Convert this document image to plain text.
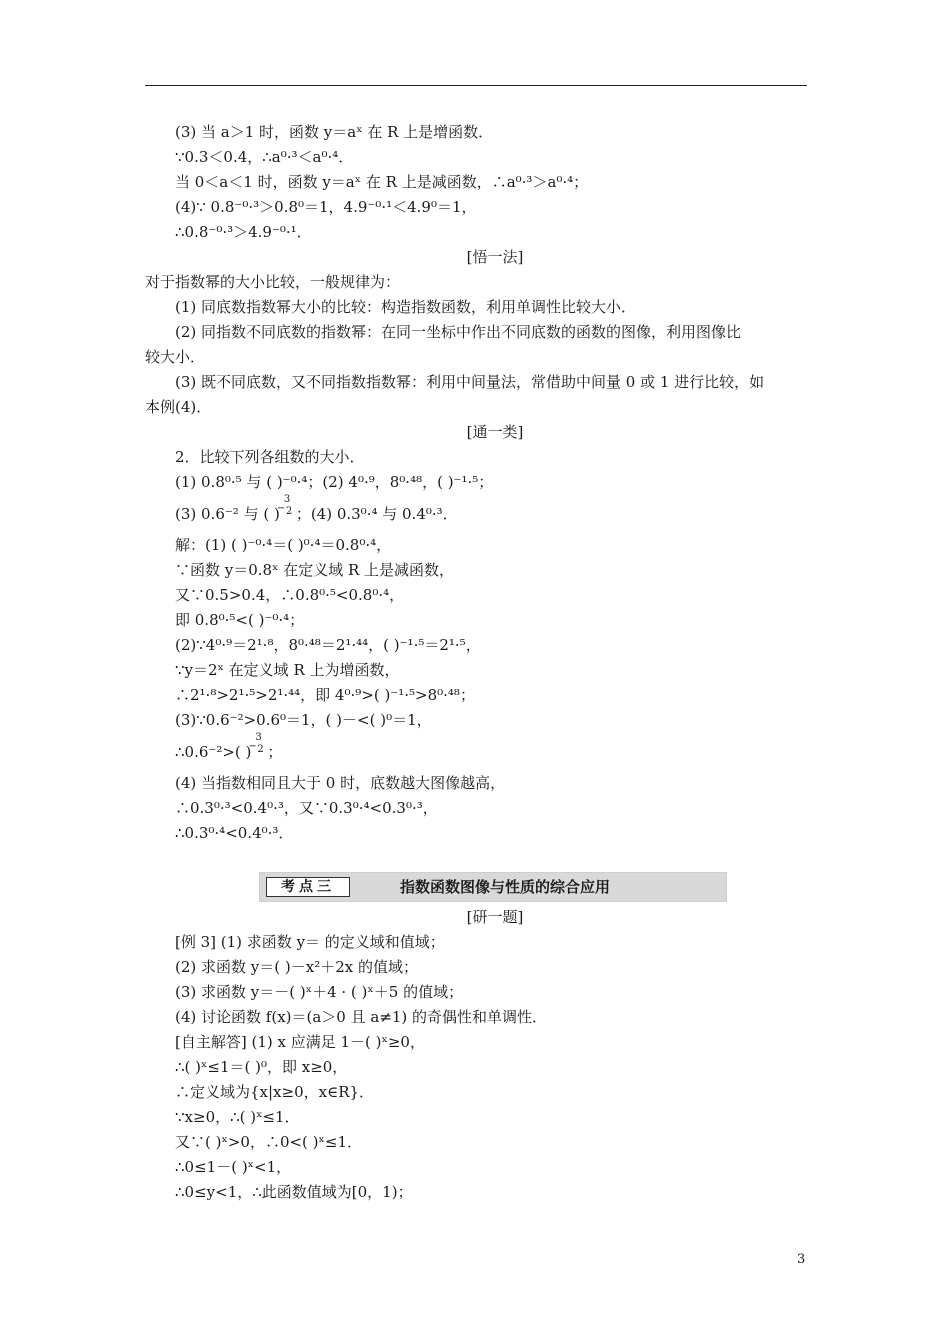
(3) 当 a＞1 时，函数 y＝aˣ 在 R 上是增函数．
∵0.3＜0.4，∴a⁰·³＜a⁰·⁴．
当 0＜a＜1 时，函数 y＝aˣ 在 R 上是减函数，∴a⁰·³＞a⁰·⁴；
(4)∵ 0.8⁻⁰·³＞0.8⁰＝1，4.9⁻⁰·¹＜4.9⁰＝1，
∴0.8⁻⁰·³＞4.9⁻⁰·¹．
[悟一法]
对于指数幂的大小比较，一般规律为：
(1) 同底数指数幂大小的比较：构造指数函数，利用单调性比较大小．
(2) 同指数不同底数的指数幂：在同一坐标中作出不同底数的函数的图像，利用图像比
较大小．
(3) 既不同底数，又不同指数指数幂：利用中间量法，常借助中间量 0 或 1 进行比较，如
本例(4)．
[通一类]
2．比较下列各组数的大小．
(1) 0.8⁰·⁵ 与 ( )⁻⁰·⁴；(2) 4⁰·⁹，8⁰·⁴⁸，( )⁻¹·⁵；
(3) 0.6⁻² 与 ( )
−
3
2 ；(4) 0.3⁰·⁴ 与 0.4⁰·³．
解：(1) ( )⁻⁰·⁴＝( )⁰·⁴＝0.8⁰·⁴，
∵函数 y＝0.8ˣ 在定义域 R 上是减函数，
又∵0.5>0.4，∴0.8⁰·⁵<0.8⁰·⁴，
即 0.8⁰·⁵<( )⁻⁰·⁴；
(2)∵4⁰·⁹＝2¹·⁸，8⁰·⁴⁸＝2¹·⁴⁴，( )⁻¹·⁵＝2¹·⁵，
∵y＝2ˣ 在定义域 R 上为增函数，
∴2¹·⁸>2¹·⁵>2¹·⁴⁴，即 4⁰·⁹>( )⁻¹·⁵>8⁰·⁴⁸；
(3)∵0.6⁻²>0.6⁰＝1，( )－<( )⁰＝1，
∴0.6⁻²>( )
−
3
2 ；
(4) 当指数相同且大于 0 时，底数越大图像越高，
∴0.3⁰·³<0.4⁰·³，又∵0.3⁰·⁴<0.3⁰·³，
∴0.3⁰·⁴<0.4⁰·³．
考点三	指数函数图像与性质的综合应用
[研一题]
[例 3] (1) 求函数 y＝ 的定义域和值域；
(2) 求函数 y＝( )－x²＋2x 的值域；
(3) 求函数 y＝－( )ˣ＋4 · ( )ˣ＋5 的值域；
(4) 讨论函数 f(x)＝(a＞0 且 a≠1) 的奇偶性和单调性．
[自主解答] (1) x 应满足 1－( )ˣ≥0，
∴( )ˣ≤1＝( )⁰，即 x≥0，
∴定义域为{x|x≥0，x∈R}．
∵x≥0，∴( )ˣ≤1．
又∵( )ˣ>0，∴0<( )ˣ≤1．
∴0≤1－( )ˣ<1，
∴0≤y<1，∴此函数值域为[0，1)；
3
